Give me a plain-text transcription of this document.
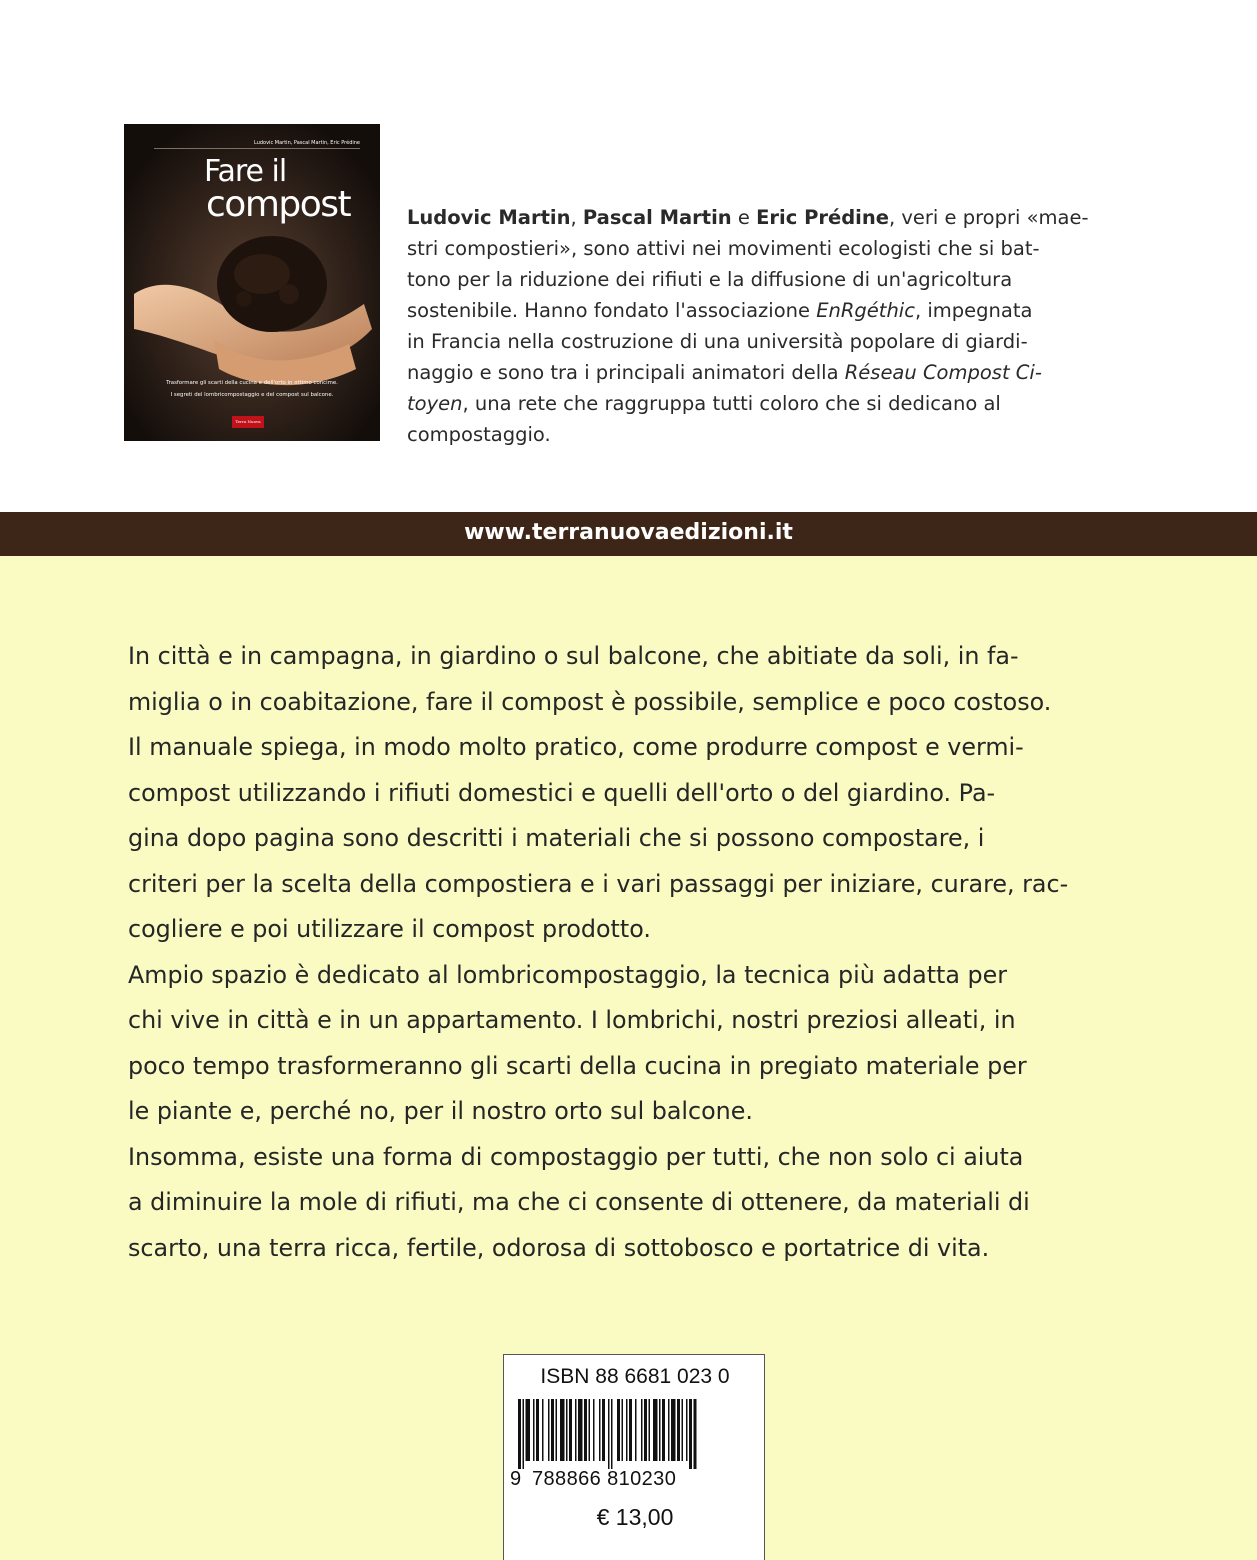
Ludovic Martin, Pascal Martin, Eric Prédine
Fare il
compost
Trasformare gli scarti della cucina e dell'orto in ottimo concime.
I segreti del lombricompostaggio e del compost sul balcone.
Terra Nuova
Ludovic Martin, Pascal Martin e Eric Prédine, veri e propri «mae-
stri compostieri», sono attivi nei movimenti ecologisti che si bat-
tono per la riduzione dei rifiuti e la diffusione di un'agricoltura
sostenibile. Hanno fondato l'associazione EnRgéthic, impegnata
in Francia nella costruzione di una università popolare di giardi-
naggio e sono tra i principali animatori della Réseau Compost Ci-
toyen, una rete che raggruppa tutti coloro che si dedicano al
compostaggio.
www.terranuovaedizioni.it
In città e in campagna, in giardino o sul balcone, che abitiate da soli, in fa-
miglia o in coabitazione, fare il compost è possibile, semplice e poco costoso.
Il manuale spiega, in modo molto pratico, come produrre compost e vermi-
compost utilizzando i rifiuti domestici e quelli dell'orto o del giardino. Pa-
gina dopo pagina sono descritti i materiali che si possono compostare, i
criteri per la scelta della compostiera e i vari passaggi per iniziare, curare, rac-
cogliere e poi utilizzare il compost prodotto.
Ampio spazio è dedicato al lombricompostaggio, la tecnica più adatta per
chi vive in città e in un appartamento. I lombrichi, nostri preziosi alleati, in
poco tempo trasformeranno gli scarti della cucina in pregiato materiale per
le piante e, perché no, per il nostro orto sul balcone.
Insomma, esiste una forma di compostaggio per tutti, che non solo ci aiuta
a diminuire la mole di rifiuti, ma che ci consente di ottenere, da materiali di
scarto, una terra ricca, fertile, odorosa di sottobosco e portatrice di vita.
ISBN 88 6681 023 0
9 788866 810230
€ 13,00
